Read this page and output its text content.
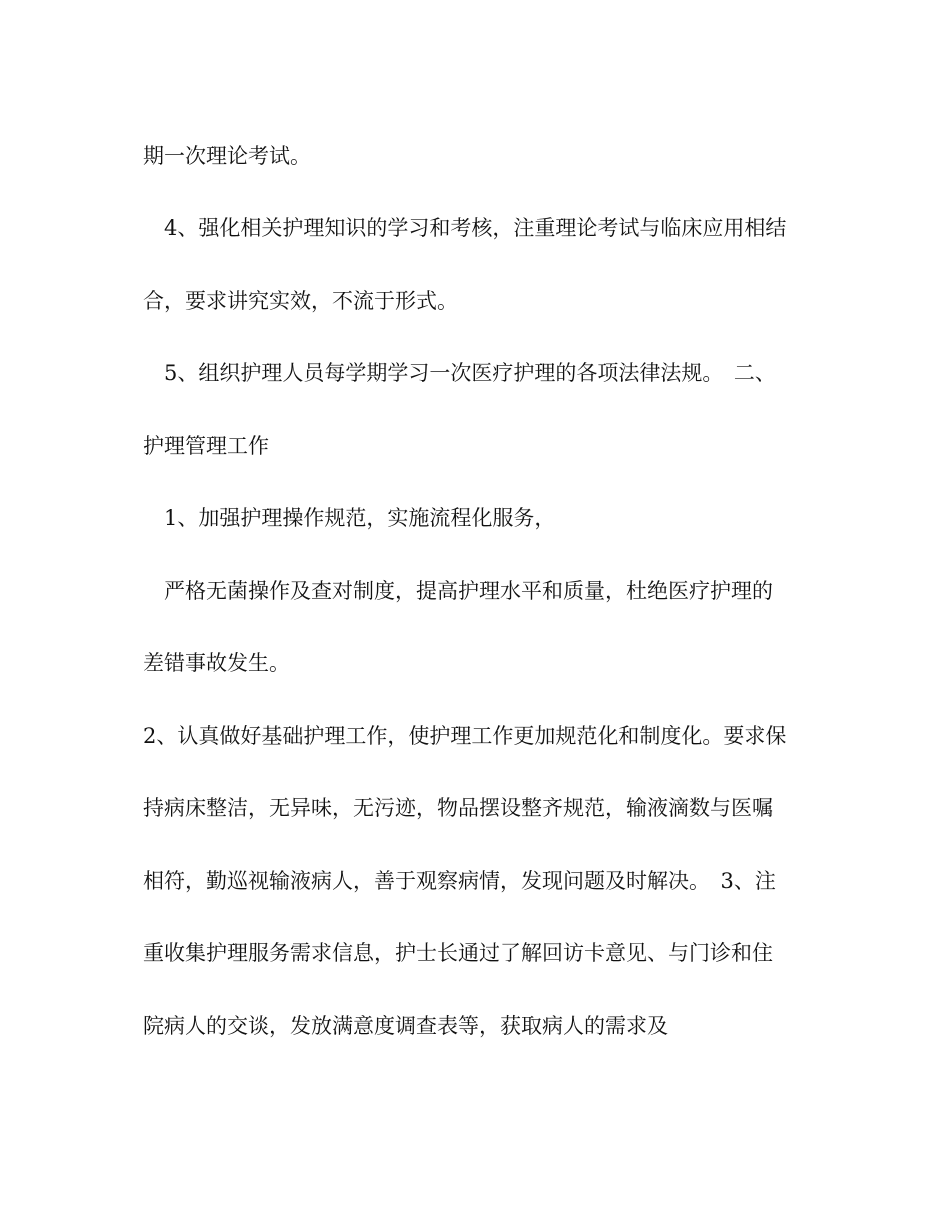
期一次理论考试。

4、强化相关护理知识的学习和考核，注重理论考试与临床应用相结

合，要求讲究实效，不流于形式。

5、组织护理人员每学期学习一次医疗护理的各项法律法规。　二、

护理管理工作

1、加强护理操作规范，实施流程化服务，

严格无菌操作及查对制度，提高护理水平和质量，杜绝医疗护理的

差错事故发生。

2、认真做好基础护理工作，使护理工作更加规范化和制度化。要求保

持病床整洁，无异味，无污迹，物品摆设整齐规范，输液滴数与医嘱

相符，勤巡视输液病人，善于观察病情，发现问题及时解决。　3、注

重收集护理服务需求信息，护士长通过了解回访卡意见、与门诊和住

院病人的交谈，发放满意度调查表等，获取病人的需求及
